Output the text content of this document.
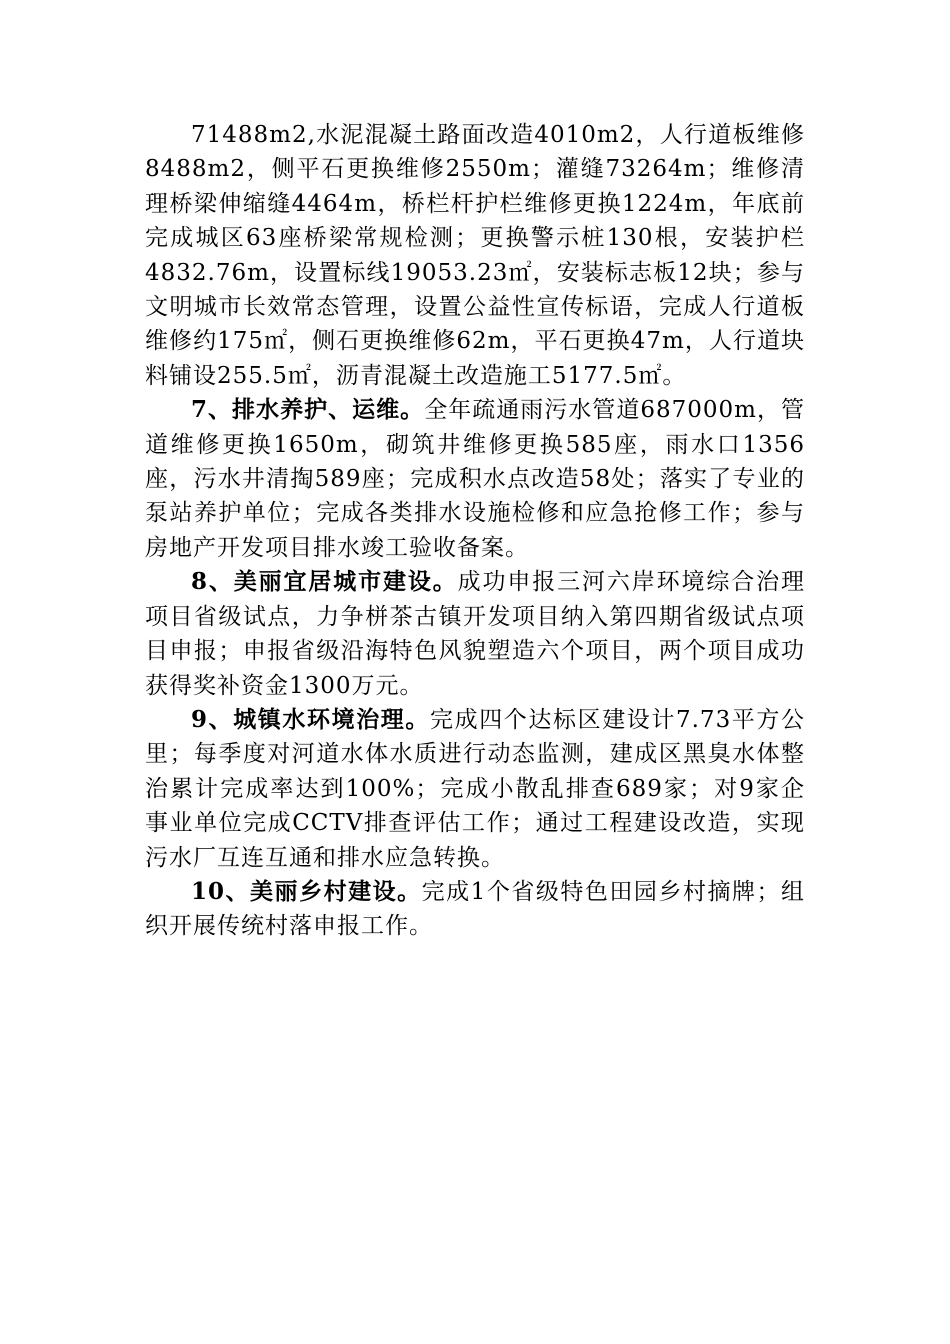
71488m2,水泥混凝土路面改造4010m2，人行道板维修8488m2，侧平石更换维修2550m；灌缝73264m；维修清理桥梁伸缩缝4464m，桥栏杆护栏维修更换1224m，年底前完成城区63座桥梁常规检测；更换警示桩130根，安装护栏4832.76m，设置标线19053.23㎡，安装标志板12块；参与文明城市长效常态管理，设置公益性宣传标语，完成人行道板维修约175㎡，侧石更换维修62m，平石更换47m，人行道块料铺设255.5㎡，沥青混凝土改造施工5177.5㎡。

7、排水养护、运维。全年疏通雨污水管道687000m，管道维修更换1650m，砌筑井维修更换585座，雨水口1356座，污水井清掏589座；完成积水点改造58处；落实了专业的泵站养护单位；完成各类排水设施检修和应急抢修工作；参与房地产开发项目排水竣工验收备案。

8、美丽宜居城市建设。成功申报三河六岸环境综合治理项目省级试点，力争栟茶古镇开发项目纳入第四期省级试点项目申报；申报省级沿海特色风貌塑造六个项目，两个项目成功获得奖补资金1300万元。

9、城镇水环境治理。完成四个达标区建设计7.73平方公里；每季度对河道水体水质进行动态监测，建成区黑臭水体整治累计完成率达到100%；完成小散乱排查689家；对9家企事业单位完成CCTV排查评估工作；通过工程建设改造，实现污水厂互连互通和排水应急转换。

10、美丽乡村建设。完成1个省级特色田园乡村摘牌；组织开展传统村落申报工作。
